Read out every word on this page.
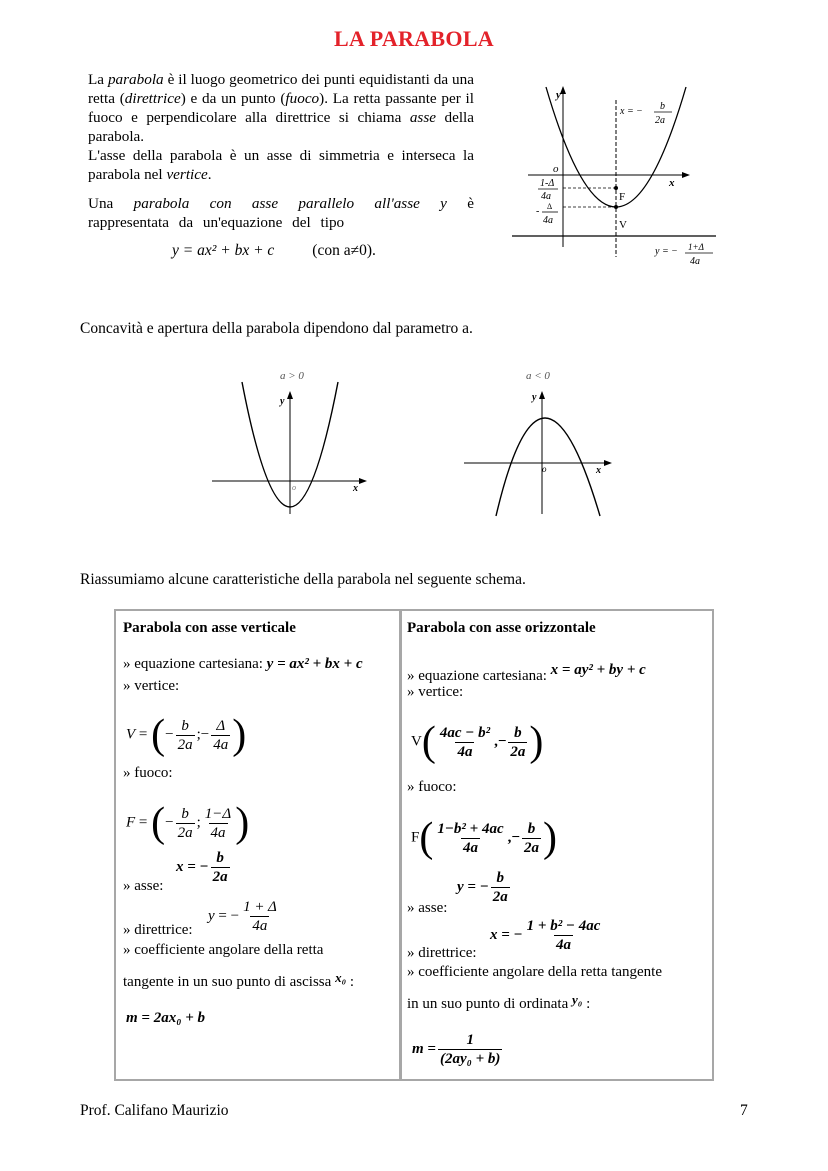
LA PARABOLA

La parabola è il luogo geometrico dei punti equidistanti da una retta (direttrice) e da un punto (fuoco). La retta passante per il fuoco e perpendicolare alla direttrice si chiama asse della parabola.

L'asse della parabola è un asse di simmetria e interseca la parabola nel vertice.

Una parabola con asse parallelo all'asse y è rappresentata da un'equazione del tipo

y = ax² + bx + c (con a≠0).
y
x
o
x = − b
2a
1-Δ
4a
- Δ
4a
F
V
y = − 1+Δ
4a
Concavità e apertura della parabola dipendono dal parametro a.
a > 0
y
x
o
a < 0
y
x
o
Riassumiamo alcune caratteristiche della parabola nel seguente schema.
Parabola con asse verticale
» equazione cartesiana: y = ax² + bx + c
» vertice:
V = (− $\frac{b}{2a}$ ;− $\frac{\Delta}{4a}$ )
» fuoco:
F = (− $\frac{b}{2a}$ ; $\frac{1-\Delta}{4a}$ )
x = − $\frac{b}{2a}$
» asse:
y = − $\frac{1 + \Delta}{4a}$
» direttrice:
» coefficiente angolare della retta
tangente in un suo punto di ascissa x₀ :
m = 2ax₀ + b
Parabola con asse orizzontale
» equazione cartesiana: x = ay² + by + c
» vertice:
$V( \frac{\text{4ac − b²}}{4a}$ ,− $\frac{b}{2a}$ )
» fuoco:
$F( \frac{\text{1−b² + 4ac}}{4a}$ ,− $\frac{b}{2a}$ )
y = − $\frac{b}{2a}$
» asse:
x = − $\frac{\text{1 + b² − 4ac}}{4a}$
» direttrice:
» coefficiente angolare della retta tangente
in un suo punto di ordinata y₀ :
$m = \frac{1}{\text{(2ay₀ + b)}}$
Prof. Califano Maurizio	7
